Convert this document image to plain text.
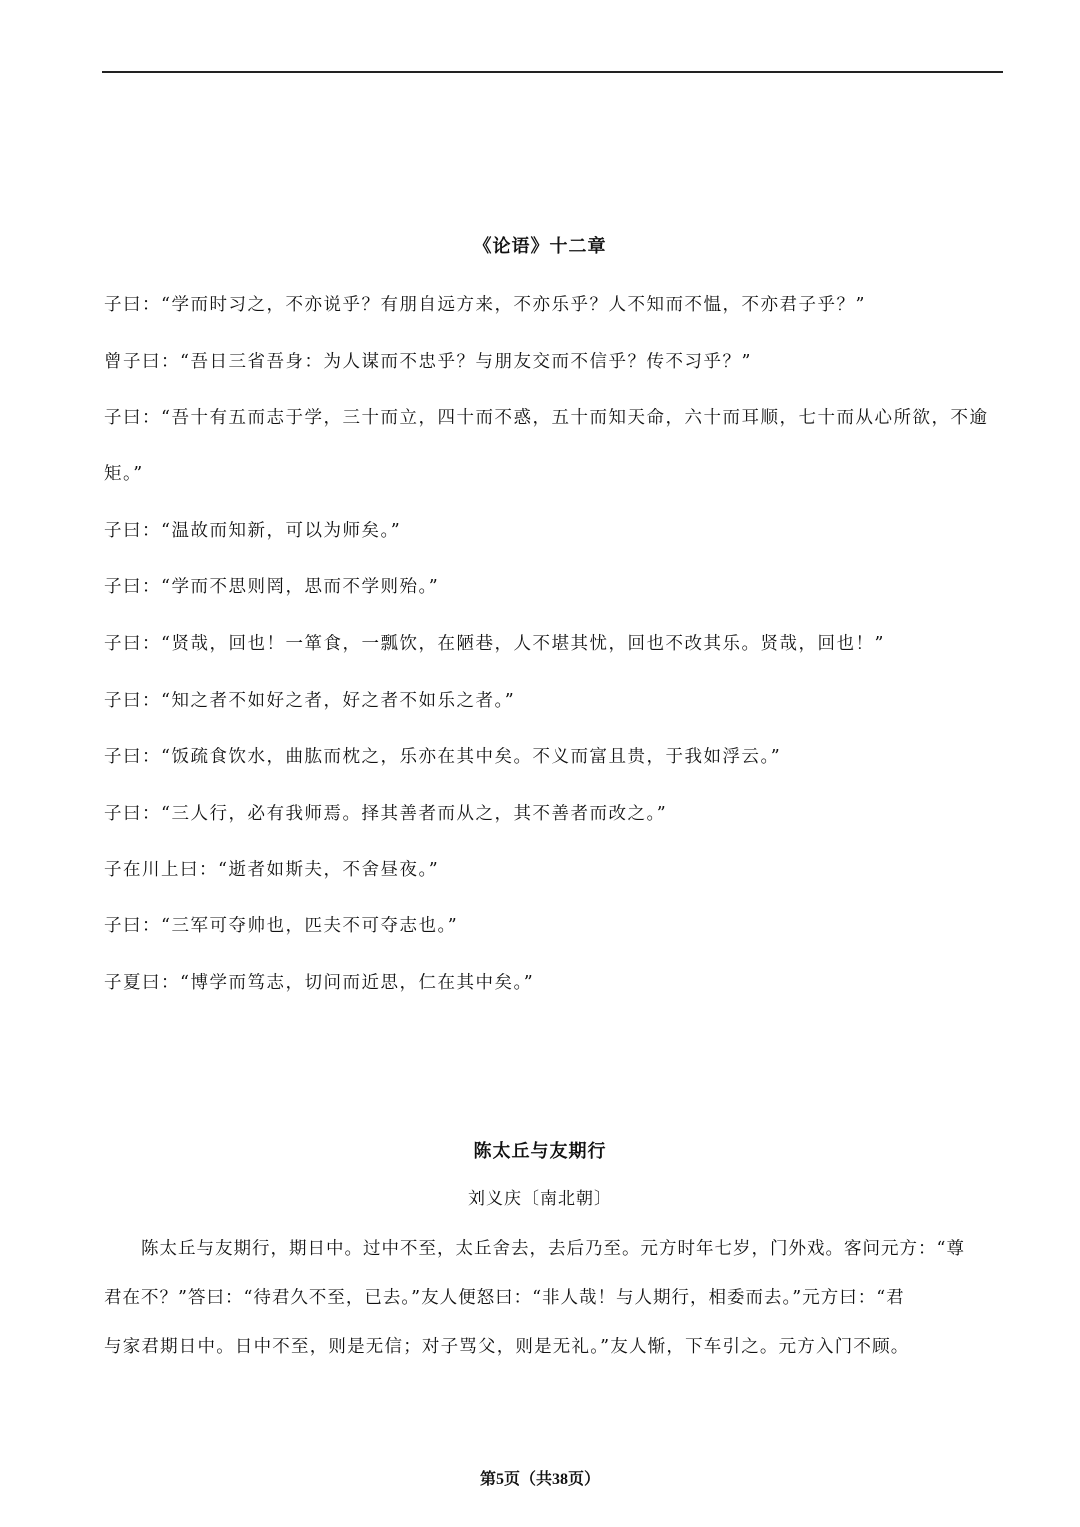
《论语》十二章
子曰：“学而时习之，不亦说乎？有朋自远方来，不亦乐乎？人不知而不愠，不亦君子乎？”
曾子曰：“吾日三省吾身：为人谋而不忠乎？与朋友交而不信乎？传不习乎？”
子曰：“吾十有五而志于学，三十而立，四十而不惑，五十而知天命，六十而耳顺，七十而从心所欲，不逾
矩。”
子曰：“温故而知新，可以为师矣。”
子曰：“学而不思则罔，思而不学则殆。”
子曰：“贤哉，回也！一箪食，一瓢饮，在陋巷，人不堪其忧，回也不改其乐。贤哉，回也！”
子曰：“知之者不如好之者，好之者不如乐之者。”
子曰：“饭疏食饮水，曲肱而枕之，乐亦在其中矣。不义而富且贵，于我如浮云。”
子曰：“三人行，必有我师焉。择其善者而从之，其不善者而改之。”
子在川上曰：“逝者如斯夫，不舍昼夜。”
子曰：“三军可夺帅也，匹夫不可夺志也。”
子夏曰：“博学而笃志，切问而近思，仁在其中矣。”
陈太丘与友期行
刘义庆〔南北朝〕
陈太丘与友期行，期日中。过中不至，太丘舍去，去后乃至。元方时年七岁，门外戏。客问元方：“尊
君在不？”答曰：“待君久不至，已去。”友人便怒曰：“非人哉！与人期行，相委而去。”元方曰：“君
与家君期日中。日中不至，则是无信；对子骂父，则是无礼。”友人惭，下车引之。元方入门不顾。
第5页（共38页）
